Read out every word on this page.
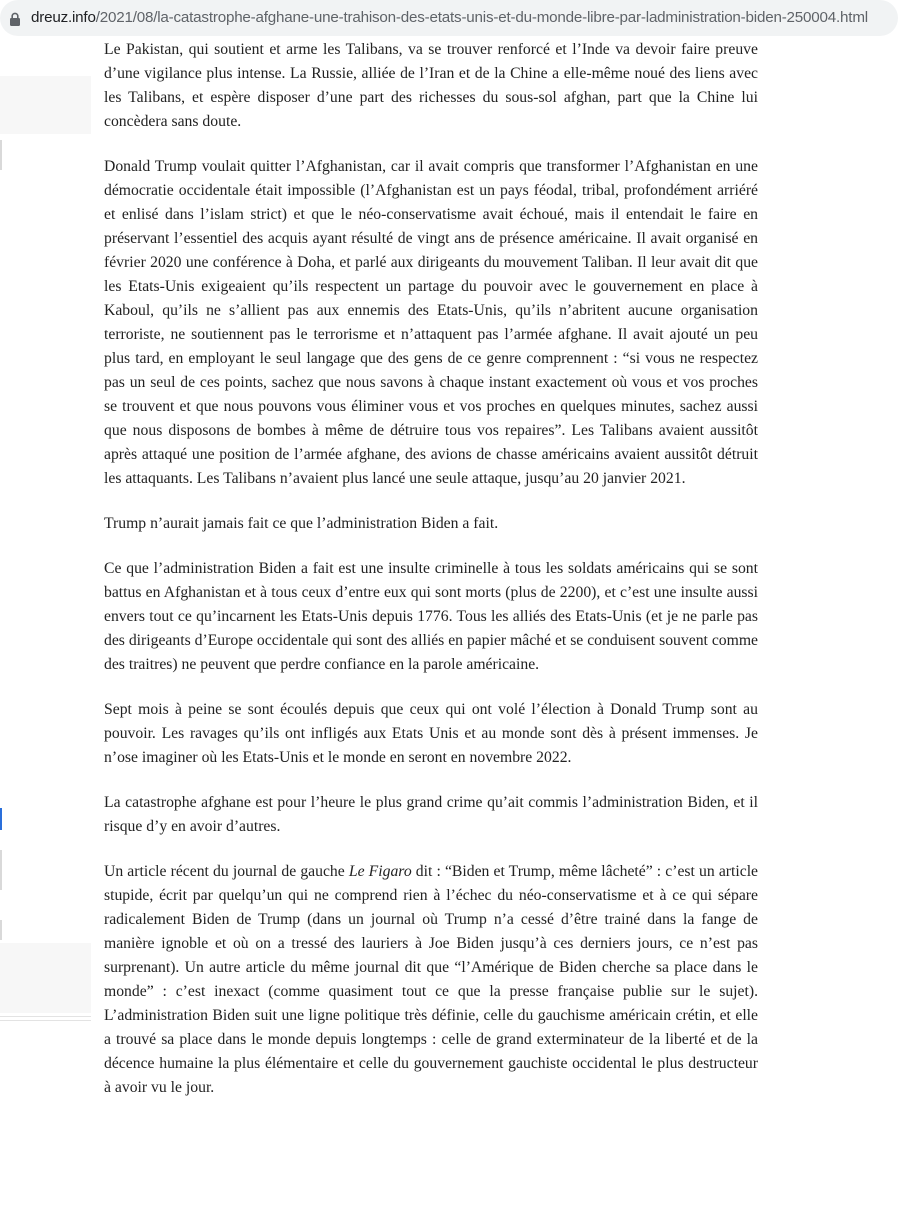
dreuz.info/2021/08/la-catastrophe-afghane-une-trahison-des-etats-unis-et-du-monde-libre-par-ladministration-biden-250004.html

Le Pakistan, qui soutient et arme les Talibans, va se trouver renforcé et l’Inde va devoir faire preuve d’une vigilance plus intense. La Russie, alliée de l’Iran et de la Chine a elle-même noué des liens avec les Talibans, et espère disposer d’une part des richesses du sous-sol afghan, part que la Chine lui concèdera sans doute.

Donald Trump voulait quitter l’Afghanistan, car il avait compris que transformer l’Afghanistan en une démocratie occidentale était impossible (l’Afghanistan est un pays féodal, tribal, profondément arriéré et enlisé dans l’islam strict) et que le néo-conservatisme avait échoué, mais il entendait le faire en préservant l’essentiel des acquis ayant résulté de vingt ans de présence américaine. Il avait organisé en février 2020 une conférence à Doha, et parlé aux dirigeants du mouvement Taliban. Il leur avait dit que les Etats-Unis exigeaient qu’ils respectent un partage du pouvoir avec le gouvernement en place à Kaboul, qu’ils ne s’allient pas aux ennemis des Etats-Unis, qu’ils n’abritent aucune organisation terroriste, ne soutiennent pas le terrorisme et n’attaquent pas l’armée afghane. Il avait ajouté un peu plus tard, en employant le seul langage que des gens de ce genre comprennent : “si vous ne respectez pas un seul de ces points, sachez que nous savons à chaque instant exactement où vous et vos proches se trouvent et que nous pouvons vous éliminer vous et vos proches en quelques minutes, sachez aussi que nous disposons de bombes à même de détruire tous vos repaires”. Les Talibans avaient aussitôt après attaqué une position de l’armée afghane, des avions de chasse américains avaient aussitôt détruit les attaquants. Les Talibans n’avaient plus lancé une seule attaque, jusqu’au 20 janvier 2021.

Trump n’aurait jamais fait ce que l’administration Biden a fait.

Ce que l’administration Biden a fait est une insulte criminelle à tous les soldats américains qui se sont battus en Afghanistan et à tous ceux d’entre eux qui sont morts (plus de 2200), et c’est une insulte aussi envers tout ce qu’incarnent les Etats-Unis depuis 1776. Tous les alliés des Etats-Unis (et je ne parle pas des dirigeants d’Europe occidentale qui sont des alliés en papier mâché et se conduisent souvent comme des traitres) ne peuvent que perdre confiance en la parole américaine.

Sept mois à peine se sont écoulés depuis que ceux qui ont volé l’élection à Donald Trump sont au pouvoir. Les ravages qu’ils ont infligés aux Etats Unis et au monde sont dès à présent immenses. Je n’ose imaginer où les Etats-Unis et le monde en seront en novembre 2022.

La catastrophe afghane est pour l’heure le plus grand crime qu’ait commis l’administration Biden, et il risque d’y en avoir d’autres.

Un article récent du journal de gauche Le Figaro dit : “Biden et Trump, même lâcheté” : c’est un article stupide, écrit par quelqu’un qui ne comprend rien à l’échec du néo-conservatisme et à ce qui sépare radicalement Biden de Trump (dans un journal où Trump n’a cessé d’être trainé dans la fange de manière ignoble et où on a tressé des lauriers à Joe Biden jusqu’à ces derniers jours, ce n’est pas surprenant). Un autre article du même journal dit que “l’Amérique de Biden cherche sa place dans le monde” : c’est inexact (comme quasiment tout ce que la presse française publie sur le sujet). L’administration Biden suit une ligne politique très définie, celle du gauchisme américain crétin, et elle a trouvé sa place dans le monde depuis longtemps : celle de grand exterminateur de la liberté et de la décence humaine la plus élémentaire et celle du gouvernement gauchiste occidental le plus destructeur à avoir vu le jour.
